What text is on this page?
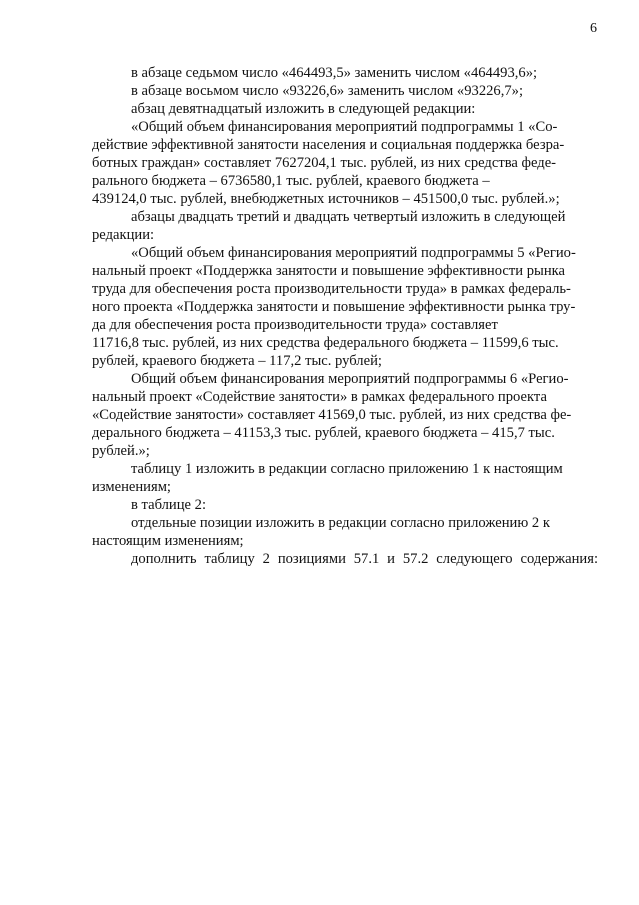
6

в абзаце седьмом число «464493,5» заменить числом «464493,6»;

в абзаце восьмом число «93226,6» заменить числом «93226,7»;

абзац девятнадцатый изложить в следующей редакции:

«Общий объем финансирования мероприятий подпрограммы 1 «Со-
действие эффективной занятости населения и социальная поддержка безра-
ботных граждан» составляет 7627204,1 тыс. рублей, из них средства феде-
рального бюджета – 6736580,1 тыс. рублей, краевого бюджета –
439124,0 тыс. рублей, внебюджетных источников – 451500,0 тыс. рублей.»;

абзацы двадцать третий и двадцать четвертый изложить в следующей
редакции:

«Общий объем финансирования мероприятий подпрограммы 5 «Регио-
нальный проект «Поддержка занятости и повышение эффективности рынка
труда для обеспечения роста производительности труда» в рамках федераль-
ного проекта «Поддержка занятости и повышение эффективности рынка тру-
да для обеспечения роста производительности труда» составляет
11716,8 тыс. рублей, из них средства федерального бюджета – 11599,6 тыс.
рублей, краевого бюджета – 117,2 тыс. рублей;

Общий объем финансирования мероприятий подпрограммы 6 «Регио-
нальный проект «Содействие занятости» в рамках федерального проекта
«Содействие занятости» составляет 41569,0 тыс. рублей, из них средства фе-
дерального бюджета – 41153,3 тыс. рублей, краевого бюджета – 415,7 тыс.
рублей.»;

таблицу 1 изложить в редакции согласно приложению 1 к настоящим
изменениям;

в таблице 2:

отдельные позиции изложить в редакции согласно приложению 2 к
настоящим изменениям;

дополнить таблицу 2 позициями 57.1 и 57.2 следующего содержания:
